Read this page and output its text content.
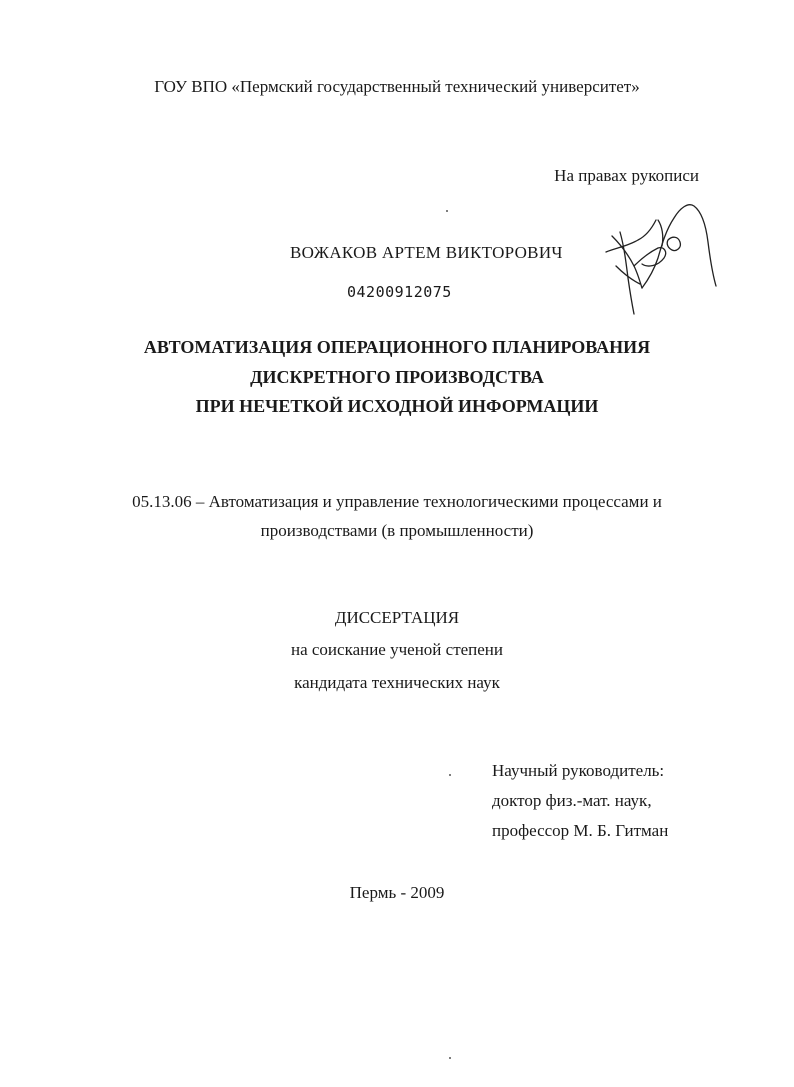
ГОУ ВПО «Пермский государственный технический университет»
На правах рукописи
ВОЖАКОВ АРТЕМ ВИКТОРОВИЧ
04200912075
АВТОМАТИЗАЦИЯ ОПЕРАЦИОННОГО ПЛАНИРОВАНИЯ
ДИСКРЕТНОГО ПРОИЗВОДСТВА
ПРИ НЕЧЕТКОЙ ИСХОДНОЙ ИНФОРМАЦИИ
05.13.06 – Автоматизация и управление технологическими процессами и
производствами (в промышленности)
ДИССЕРТАЦИЯ
на соискание ученой степени
кандидата технических наук
Научный руководитель:
доктор физ.-мат. наук,
профессор М. Б. Гитман
Пермь - 2009
